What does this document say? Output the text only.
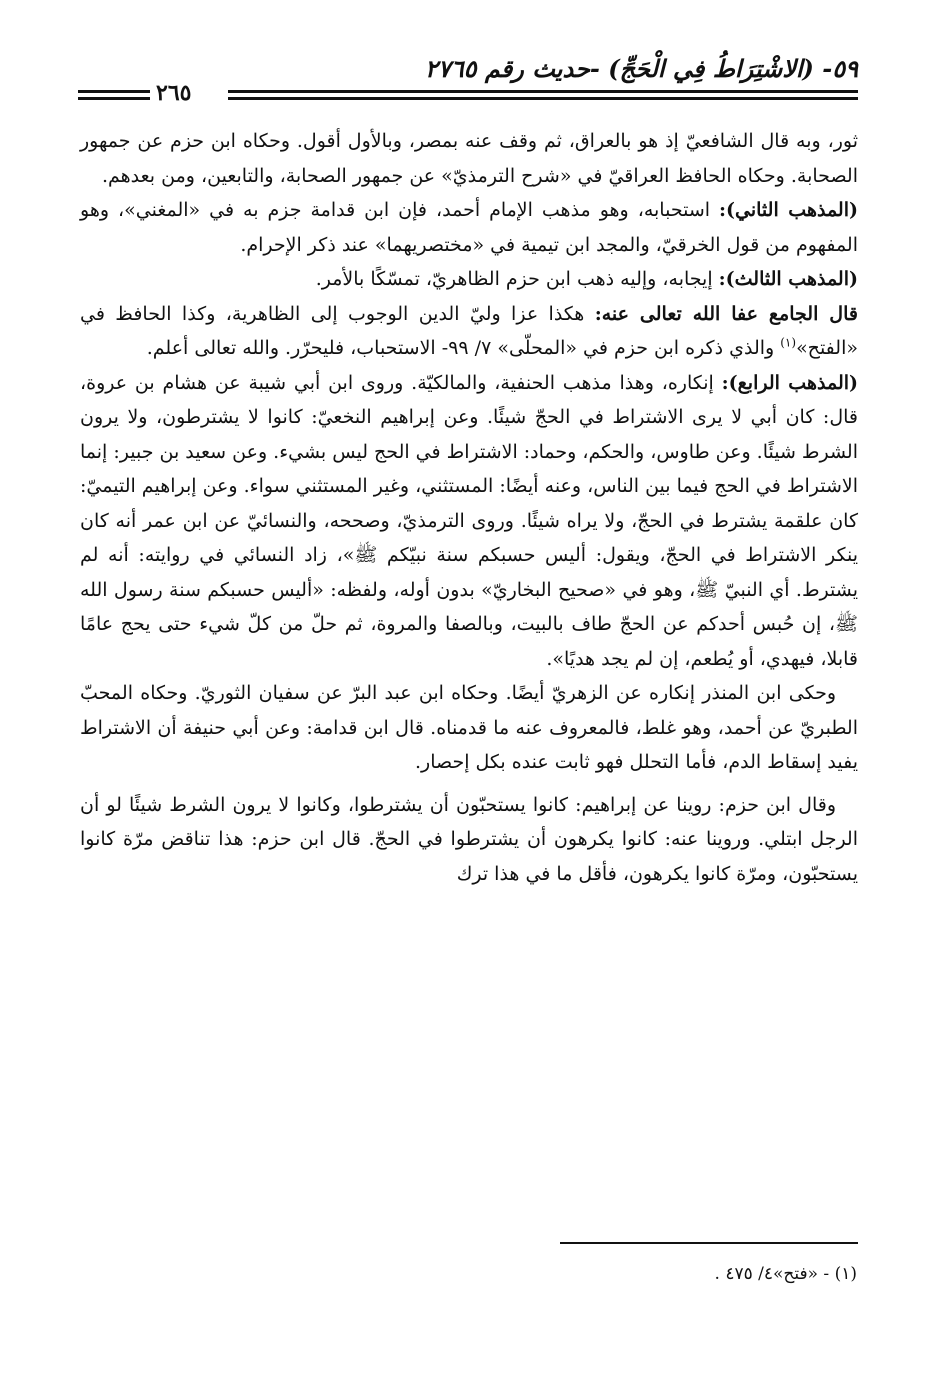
٥٩- (الاشْتِرَاطُ فِي الْحَجِّ) -حديث رقم ٢٧٦٥
٢٦٥

ثور، وبه قال الشافعيّ إذ هو بالعراق، ثم وقف عنه بمصر، وبالأول أقول. وحكاه ابن حزم عن جمهور الصحابة. وحكاه الحافظ العراقيّ في «شرح الترمذيّ» عن جمهور الصحابة، والتابعين، ومن بعدهم.

(المذهب الثاني): استحبابه، وهو مذهب الإمام أحمد، فإن ابن قدامة جزم به في «المغني»، وهو المفهوم من قول الخرقيّ، والمجد ابن تيمية في «مختصريهما» عند ذكر الإحرام.

(المذهب الثالث): إيجابه، وإليه ذهب ابن حزم الظاهريّ، تمسّكًا بالأمر.

قال الجامع عفا الله تعالى عنه: هكذا عزا وليّ الدين الوجوب إلى الظاهرية، وكذا الحافظ في «الفتح»$^{(١)}$ والذي ذكره ابن حزم في «المحلّى» ٧/ ٩٩- الاستحباب، فليحرّر. والله تعالى أعلم.

(المذهب الرابع): إنكاره، وهذا مذهب الحنفية، والمالكيّة. وروى ابن أبي شيبة عن هشام بن عروة، قال: كان أبي لا يرى الاشتراط في الحجّ شيئًا. وعن إبراهيم النخعيّ: كانوا لا يشترطون، ولا يرون الشرط شيئًا. وعن طاوس، والحكم، وحماد: الاشتراط في الحج ليس بشيء. وعن سعيد بن جبير: إنما الاشتراط في الحج فيما بين الناس، وعنه أيضًا: المستثني، وغير المستثني سواء. وعن إبراهيم التيميّ: كان علقمة يشترط في الحجّ، ولا يراه شيئًا. وروى الترمذيّ، وصححه، والنسائيّ عن ابن عمر أنه كان ينكر الاشتراط في الحجّ، ويقول: أليس حسبكم سنة نبيّكم ﷺ»، زاد النسائي في روايته: أنه لم يشترط. أي النبيّ ﷺ، وهو في «صحيح البخاريّ» بدون أوله، ولفظه: «أليس حسبكم سنة رسول الله ﷺ، إن حُبس أحدكم عن الحجّ طاف بالبيت، وبالصفا والمروة، ثم حلّ من كلّ شيء حتى يحج عامًا قابلا، فيهدي، أو يُطعم، إن لم يجد هديًا».

وحكى ابن المنذر إنكاره عن الزهريّ أيضًا. وحكاه ابن عبد البرّ عن سفيان الثوريّ. وحكاه المحبّ الطبريّ عن أحمد، وهو غلط، فالمعروف عنه ما قدمناه. قال ابن قدامة: وعن أبي حنيفة أن الاشتراط يفيد إسقاط الدم، فأما التحلل فهو ثابت عنده بكل إحصار.

وقال ابن حزم: روينا عن إبراهيم: كانوا يستحبّون أن يشترطوا، وكانوا لا يرون الشرط شيئًا لو أن الرجل ابتلي. وروينا عنه: كانوا يكرهون أن يشترطوا في الحجّ. قال ابن حزم: هذا تناقض مرّة كانوا يستحبّون، ومرّة كانوا يكرهون، فأقل ما في هذا ترك

(١) - «فتح»٤/ ٤٧٥ .
